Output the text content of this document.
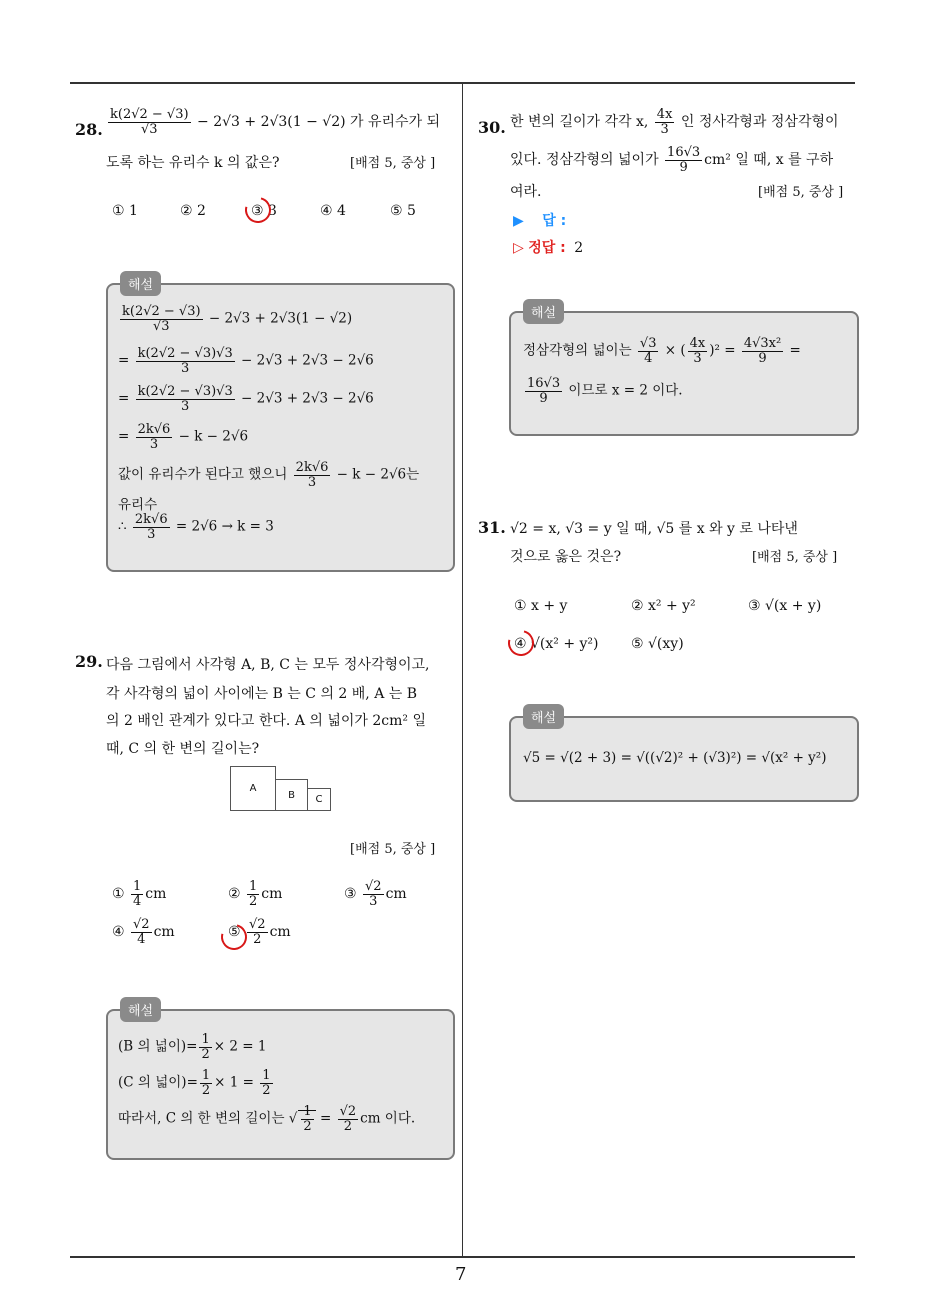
7
28. $\frac{k(2√2 - √3)}{√3} - 2√3 + 2√3(1 - √2)$ 가 유리수가 되
도록 하는 유리수 k 의 값은?	[배점 5, 중상 ]
① 1	② 2	③ 3	④ 4	⑤ 5
해설
$\frac{k(2√2 - √3)}{√3} - 2√3 + 2√3(1 - √2)$
= $\frac{k(2√2 - √3)√3}{3} - 2√3 + 2√3 - 2√6$
= $\frac{k(2√2 - √3)√3}{3} - 2√3 + 2√3 - 2√6$
= $\frac{2k√6}{3} - k - 2√6$
값이 유리수가 된다고 했으니 $\frac{2k√6}{3} - k - 2√6$는
유리수
∴ $\frac{2k√6}{3} = 2√6 \to k = 3$
29. 다음 그림에서 사각형 A, B, C 는 모두 정사각형이고,
각 사각형의 넓이 사이에는 B 는 C 의 2 배, A 는 B
의 2 배인 관계가 있다고 한다. A 의 넓이가 2cm² 일
때, C 의 한 변의 길이는?
A
B	C
[배점 5, 중상 ]
① $\frac{1}{4}$ cm	② $\frac{1}{2}$ cm	③ $\frac{√2}{3}$ cm
④ $\frac{√2}{4}$ cm	⑤ $\frac{√2}{2}$ cm
해설
(B 의 넓이)= $\frac{1}{2} \times 2 = 1$
(C 의 넓이)= $\frac{1}{2} \times 1 = \frac{1}{2}$
따라서, C 의 한 변의 길이는 √ $\frac{1}{2} = \frac{√2}{2}$ cm 이다.
30. 한 변의 길이가 각각 x, $\frac{4x}{3}$ 인 정사각형과 정삼각형이
있다. 정삼각형의 넓이가 $\frac{16√3}{9} cm^2$ 일 때, x 를 구하
여라.	[배점 5, 중상 ]
▶ 답 :
▷ 정답 : 2
해설
정삼각형의 넓이는 $\frac{√3}{4}$ × ( $\frac{4x}{3} )^2 = \frac{\text{4√3x²}}{9}$ =
$\frac{16√3}{9}$ 이므로 x = 2 이다.
31. √2 = x, √3 = y 일 때, √5 를 x 와 y 로 나타낸
것으로 옳은 것은?	[배점 5, 중상 ]
① x + y	② x² + y²	③ √(x + y)
④ √(x² + y²) ⑤ √(xy)
해설
√5 = √(2 + 3) = √((√2)² + (√3)²) = √(x² + y²)
